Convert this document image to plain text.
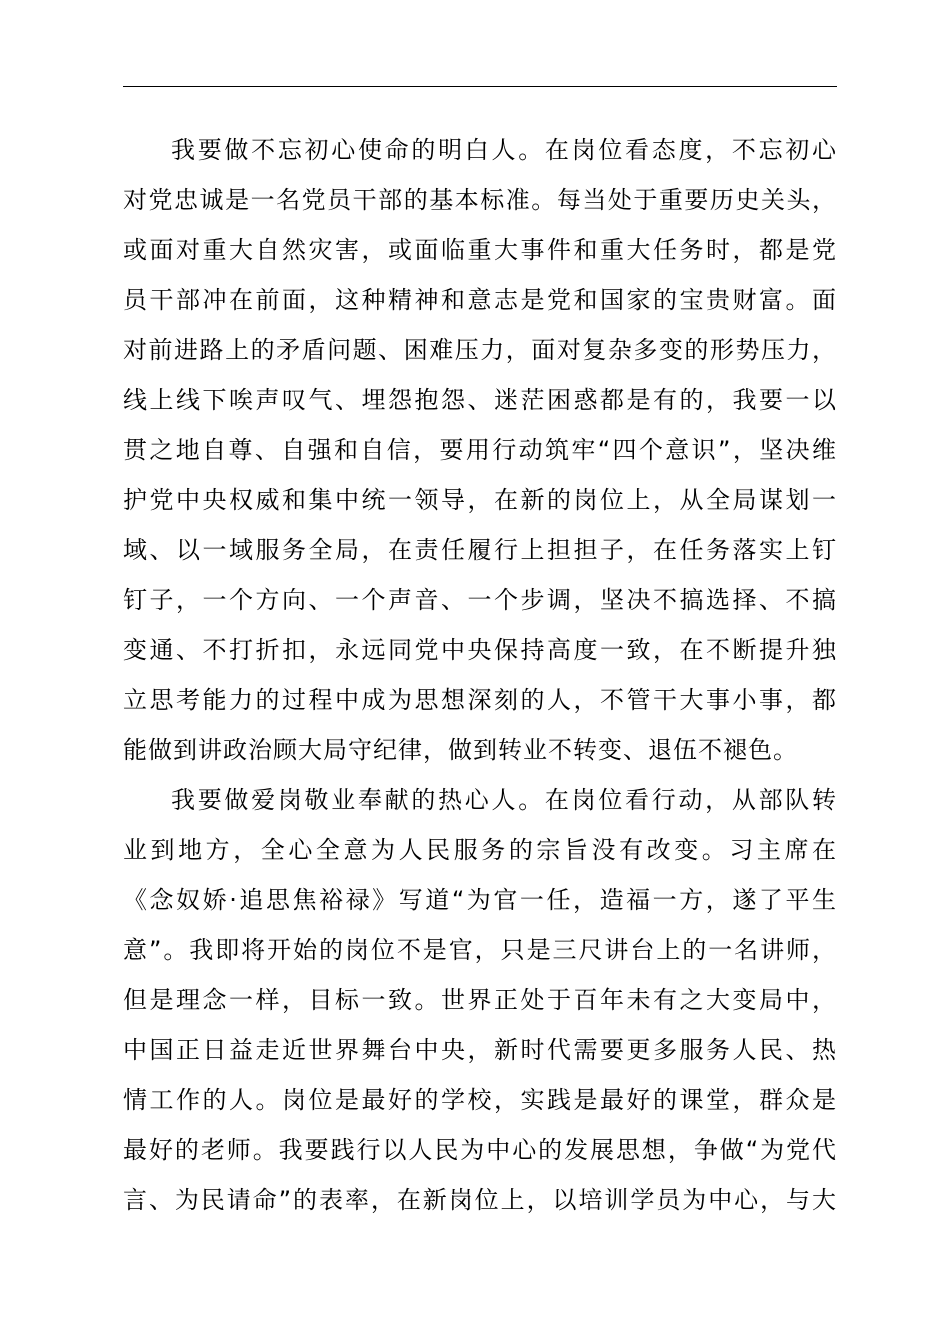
我要做不忘初心使命的明白人。在岗位看态度，不忘初心
对党忠诚是一名党员干部的基本标准。每当处于重要历史关头，
或面对重大自然灾害，或面临重大事件和重大任务时，都是党
员干部冲在前面，这种精神和意志是党和国家的宝贵财富。面
对前进路上的矛盾问题、困难压力，面对复杂多变的形势压力，
线上线下唉声叹气、埋怨抱怨、迷茫困惑都是有的，我要一以
贯之地自尊、自强和自信，要用行动筑牢“四个意识”，坚决维
护党中央权威和集中统一领导，在新的岗位上，从全局谋划一
域、以一域服务全局，在责任履行上担担子，在任务落实上钉
钉子，一个方向、一个声音、一个步调，坚决不搞选择、不搞
变通、不打折扣，永远同党中央保持高度一致，在不断提升独
立思考能力的过程中成为思想深刻的人，不管干大事小事，都
能做到讲政治顾大局守纪律，做到转业不转变、退伍不褪色。
我要做爱岗敬业奉献的热心人。在岗位看行动，从部队转
业到地方，全心全意为人民服务的宗旨没有改变。习主席在
《念奴娇·追思焦裕禄》写道“为官一任，造福一方，遂了平生
意”。我即将开始的岗位不是官，只是三尺讲台上的一名讲师，
但是理念一样，目标一致。世界正处于百年未有之大变局中，
中国正日益走近世界舞台中央，新时代需要更多服务人民、热
情工作的人。岗位是最好的学校，实践是最好的课堂，群众是
最好的老师。我要践行以人民为中心的发展思想，争做“为党代
言、为民请命”的表率，在新岗位上，以培训学员为中心，与大
